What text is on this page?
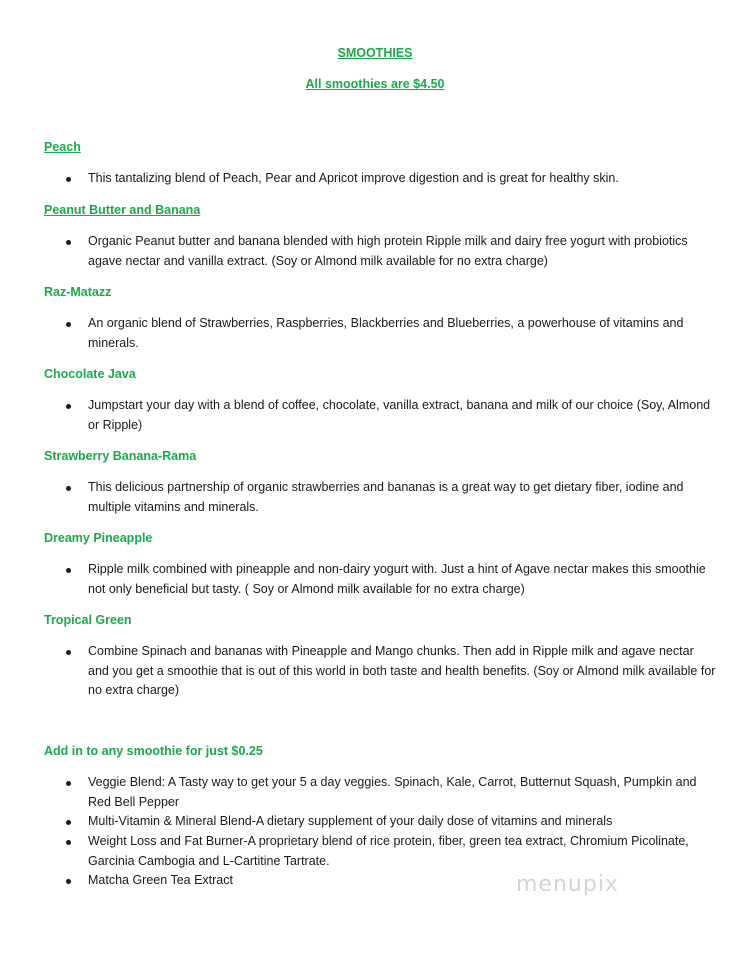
SMOOTHIES
All smoothies are $4.50
Peach
This tantalizing blend of Peach, Pear and Apricot improve digestion and is great for healthy skin.
Peanut Butter and Banana
Organic Peanut butter and banana blended with high protein Ripple milk and dairy free yogurt with probiotics agave nectar and vanilla extract. (Soy or Almond milk available for no extra charge)
Raz-Matazz
An organic blend of Strawberries, Raspberries, Blackberries and Blueberries, a powerhouse of vitamins and minerals.
Chocolate Java
Jumpstart your day with a blend of coffee, chocolate, vanilla extract, banana and milk of our choice (Soy, Almond or Ripple)
Strawberry Banana-Rama
This delicious partnership of organic strawberries and bananas is a great way to get dietary fiber, iodine and multiple vitamins and minerals.
Dreamy Pineapple
Ripple milk combined with pineapple and non-dairy yogurt with. Just a hint of Agave nectar makes this smoothie not only beneficial but tasty. ( Soy or Almond milk available for no extra charge)
Tropical Green
Combine Spinach and bananas with Pineapple and Mango chunks. Then add in Ripple milk and agave nectar and you get a smoothie that is out of this world in both taste and health benefits. (Soy or Almond milk available for no extra charge)
Add in to any smoothie for just $0.25
Veggie Blend: A Tasty way to get your 5 a day veggies. Spinach, Kale, Carrot, Butternut Squash, Pumpkin and Red Bell Pepper
Multi-Vitamin & Mineral Blend-A dietary supplement of your daily dose of vitamins and minerals
Weight Loss and Fat Burner-A proprietary blend of rice protein, fiber, green tea extract, Chromium Picolinate, Garcinia Cambogia and L-Cartitine Tartrate.
Matcha Green Tea Extract	menupix
